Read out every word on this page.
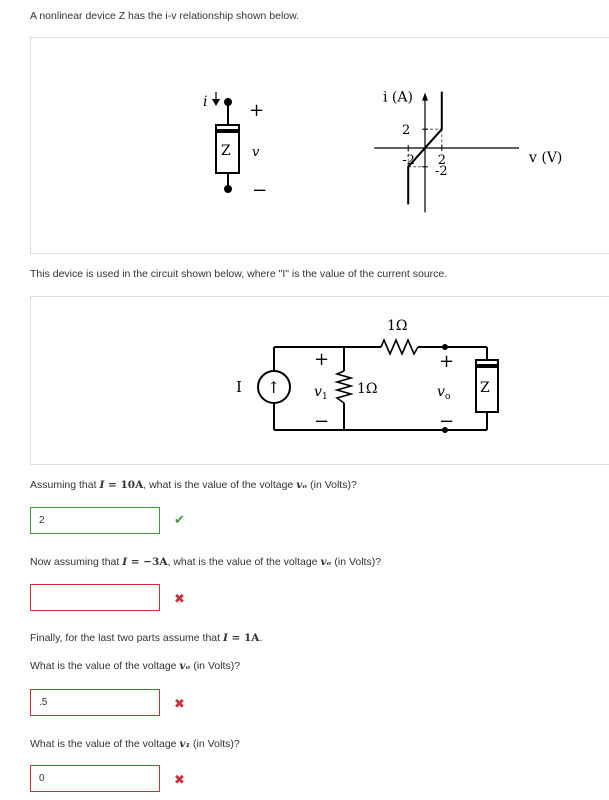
A nonlinear device Z has the i-v relationship shown below.
i +
v
−
Z
-2 2
2
-2
v (V)
i (A)
This device is used in the circuit shown below, where "I" is the value of the current source.
↑
I
+
v 1
−
1Ω
1Ω
+
v o
−
Z
Assuming that I = 10A, what is the value of the voltage vₒ (in Volts)?
2	✔
Now assuming that I = −3A, what is the value of the voltage vₒ (in Volts)?
✖
Finally, for the last two parts assume that I = 1A.
What is the value of the voltage vₒ (in Volts)?
.5	✖
What is the value of the voltage v₁ (in Volts)?
0	✖
